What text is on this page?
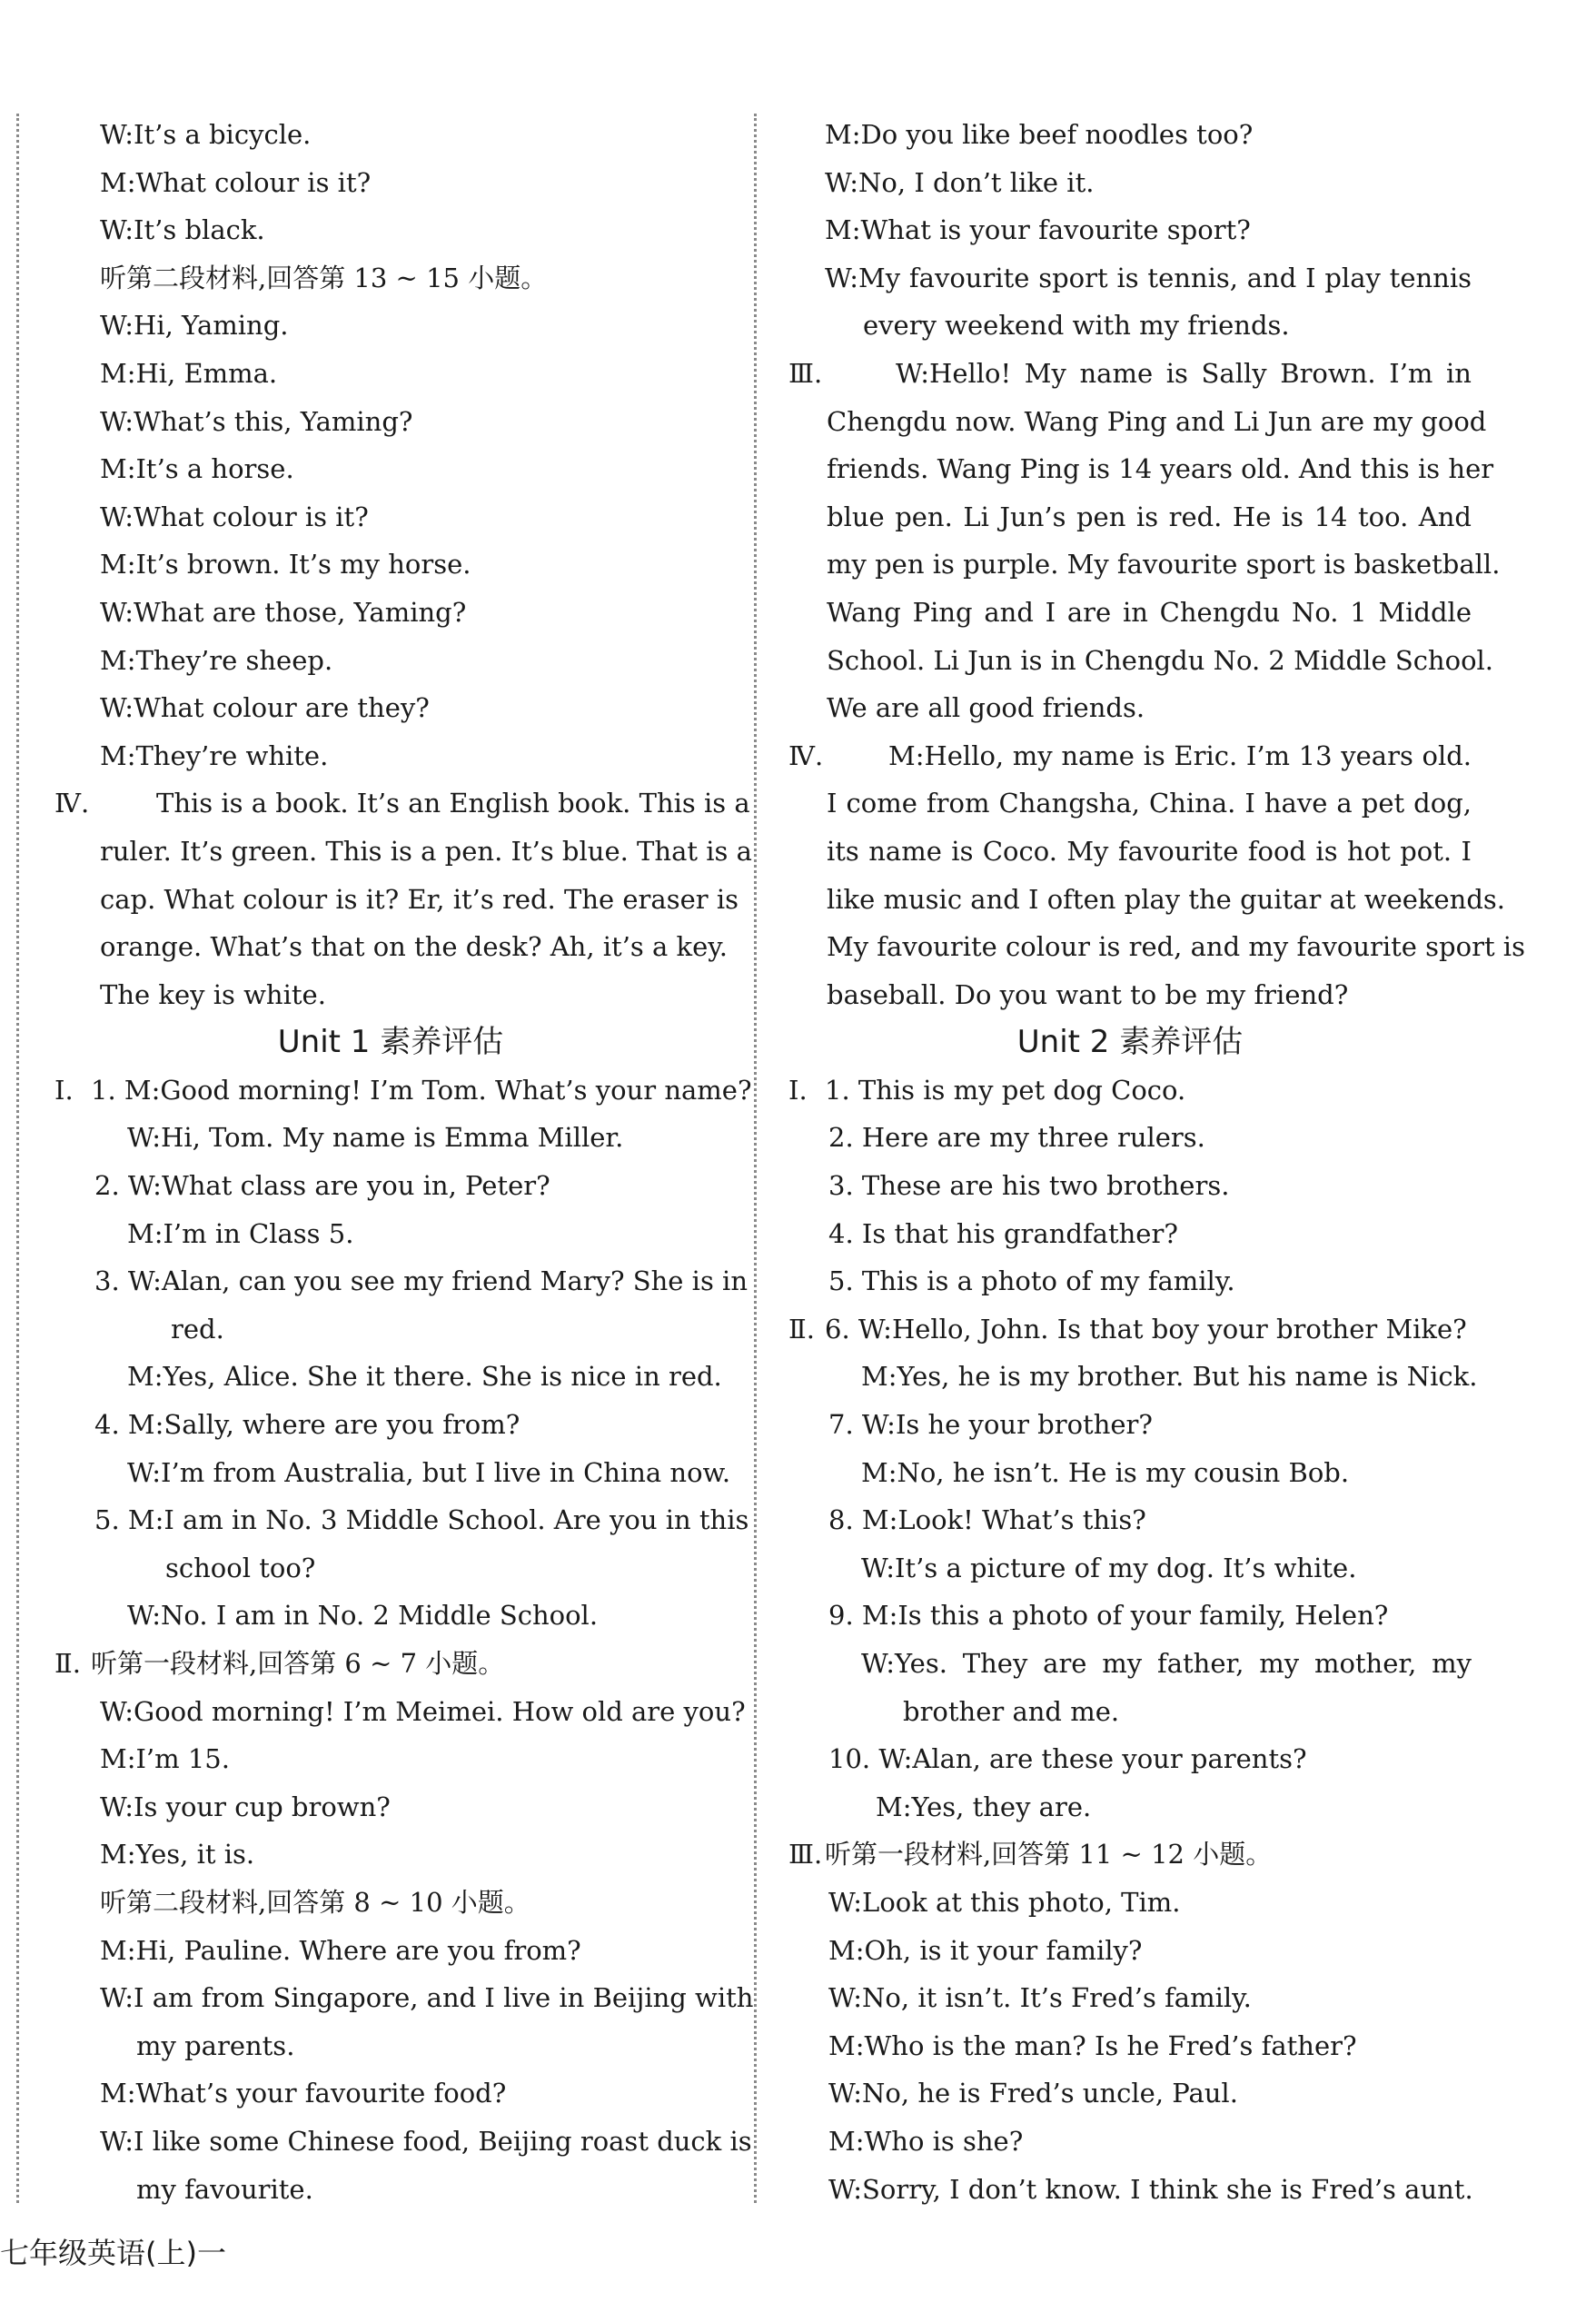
W:It’s a bicycle.
M:What colour is it?
W:It’s black.
听第二段材料,回答第 13 ~ 15 小题。
W:Hi, Yaming.
M:Hi, Emma.
W:What’s this, Yaming?
M:It’s a horse.
W:What colour is it?
M:It’s brown. It’s my horse.
W:What are those, Yaming?
M:They’re sheep.
W:What colour are they?
M:They’re white.
Ⅳ.	This is a book. It’s an English book. This is a
ruler. It’s green. This is a pen. It’s blue. That is a
cap. What colour is it? Er, it’s red. The eraser is
orange. What’s that on the desk? Ah, it’s a key.
The key is white.
Unit 1 素养评估
Ⅰ. 1. M:Good morning! I’m Tom. What’s your name?
W:Hi, Tom. My name is Emma Miller.
2. W:What class are you in, Peter?
M:I’m in Class 5.
3. W:Alan, can you see my friend Mary? She is in
red.
M:Yes, Alice. She it there. She is nice in red.
4. M:Sally, where are you from?
W:I’m from Australia, but I live in China now.
5. M:I am in No. 3 Middle School. Are you in this
school too?
W:No. I am in No. 2 Middle School.
Ⅱ. 听第一段材料,回答第 6 ~ 7 小题。
W:Good morning! I’m Meimei. How old are you?
M:I’m 15.
W:Is your cup brown?
M:Yes, it is.
听第二段材料,回答第 8 ~ 10 小题。
M:Hi, Pauline. Where are you from?
W:I am from Singapore, and I live in Beijing with
my parents.
M:What’s your favourite food?
W:I like some Chinese food, Beijing roast duck is
my favourite.
M:Do you like beef noodles too?
W:No, I don’t like it.
M:What is your favourite sport?
W:My favourite sport is tennis, and I play tennis
every weekend with my friends.
Ⅲ.	W:Hello! My name is Sally Brown. I’m in
Chengdu now. Wang Ping and Li Jun are my good
friends. Wang Ping is 14 years old. And this is her
blue pen. Li Jun’s pen is red. He is 14 too. And
my pen is purple. My favourite sport is basketball.
Wang Ping and I are in Chengdu No. 1 Middle
School. Li Jun is in Chengdu No. 2 Middle School.
We are all good friends.
Ⅳ. M:Hello, my name is Eric. I’m 13 years old.
I come from Changsha, China. I have a pet dog,
its name is Coco. My favourite food is hot pot. I
like music and I often play the guitar at weekends.
My favourite colour is red, and my favourite sport is
baseball. Do you want to be my friend?
Unit 2 素养评估
Ⅰ. 1. This is my pet dog Coco.
2. Here are my three rulers.
3. These are his two brothers.
4. Is that his grandfather?
5. This is a photo of my family.
Ⅱ. 6. W:Hello, John. Is that boy your brother Mike?
M:Yes, he is my brother. But his name is Nick.
7. W:Is he your brother?
M:No, he isn’t. He is my cousin Bob.
8. M:Look! What’s this?
W:It’s a picture of my dog. It’s white.
9. M:Is this a photo of your family, Helen?
W:Yes. They are my father, my mother, my
brother and me.
10. W:Alan, are these your parents?
M:Yes, they are.
Ⅲ. 听第一段材料,回答第 11 ~ 12 小题。
W:Look at this photo, Tim.
M:Oh, is it your family?
W:No, it isn’t. It’s Fred’s family.
M:Who is the man? Is he Fred’s father?
W:No, he is Fred’s uncle, Paul.
M:Who is she?
W:Sorry, I don’t know. I think she is Fred’s aunt.
七年级英语(上)一
